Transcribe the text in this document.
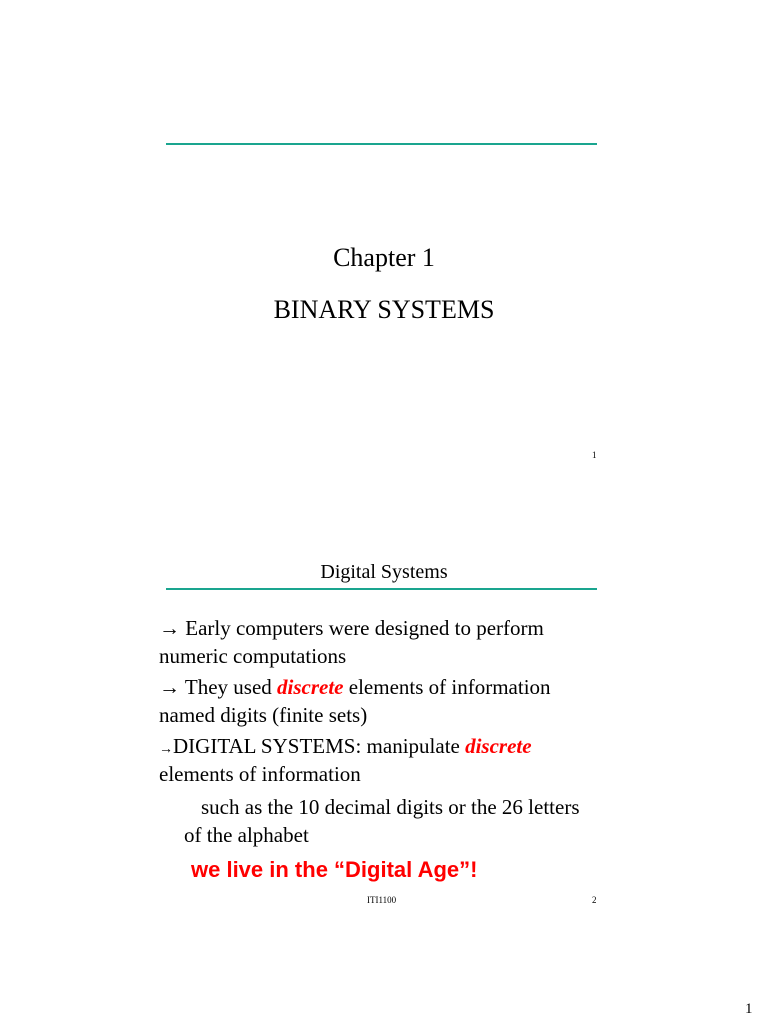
Chapter 1
BINARY SYSTEMS
1
Digital Systems
→ Early computers were designed to perform
numeric computations
→ They used discrete elements of information
named digits (finite sets)
→DIGITAL SYSTEMS: manipulate discrete
elements of information
such as the 10 decimal digits or the 26 letters
of the alphabet
we live in the “Digital Age”!
ITI1100	2
1
